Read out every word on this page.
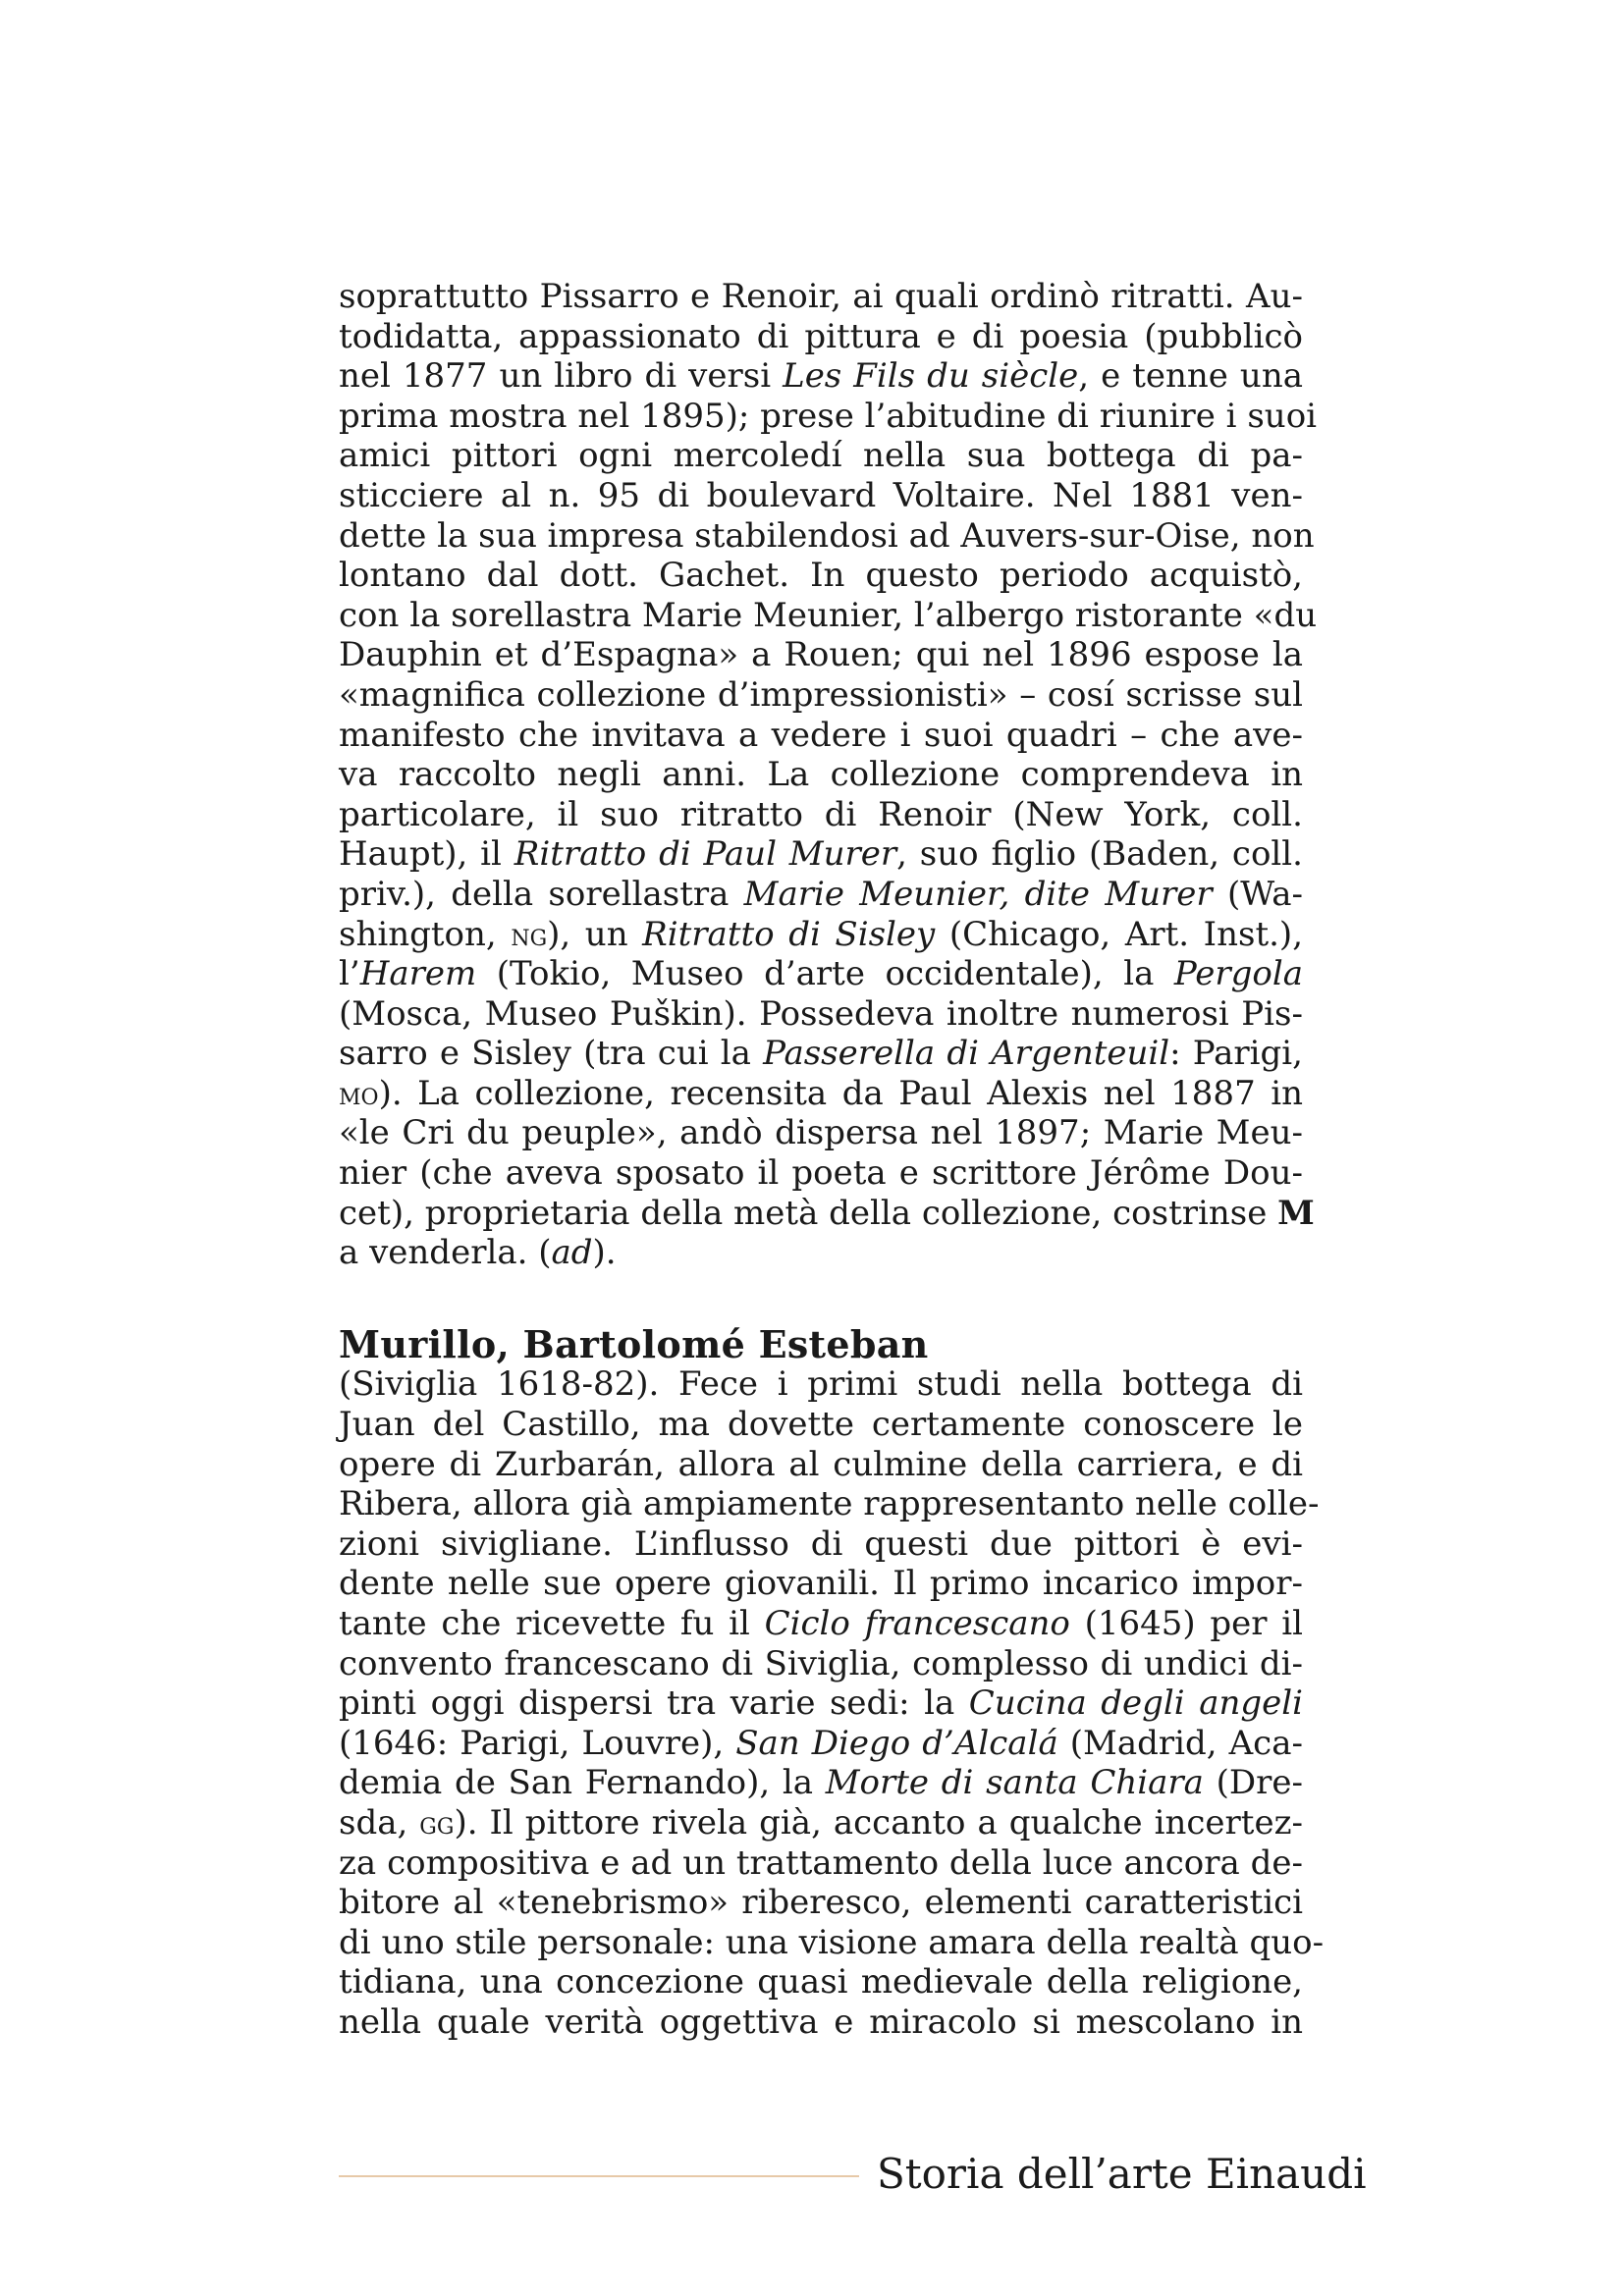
soprattutto Pissarro e Renoir, ai quali ordinò ritratti. Au-
todidatta, appassionato di pittura e di poesia (pubblicò
nel 1877 un libro di versi Les Fils du siècle, e tenne una
prima mostra nel 1895); prese l’abitudine di riunire i suoi
amici pittori ogni mercoledí nella sua bottega di pa-
sticciere al n. 95 di boulevard Voltaire. Nel 1881 ven-
dette la sua impresa stabilendosi ad Auvers-sur-Oise, non
lontano dal dott. Gachet. In questo periodo acquistò,
con la sorellastra Marie Meunier, l’albergo ristorante «du
Dauphin et d’Espagna» a Rouen; qui nel 1896 espose la
«magnifica collezione d’impressionisti» – cosí scrisse sul
manifesto che invitava a vedere i suoi quadri – che ave-
va raccolto negli anni. La collezione comprendeva in
particolare, il suo ritratto di Renoir (New York, coll.
Haupt), il Ritratto di Paul Murer, suo figlio (Baden, coll.
priv.), della sorellastra Marie Meunier, dite Murer (Wa-
shington, ng), un Ritratto di Sisley (Chicago, Art. Inst.),
l’Harem (Tokio, Museo d’arte occidentale), la Pergola
(Mosca, Museo Puškin). Possedeva inoltre numerosi Pis-
sarro e Sisley (tra cui la Passerella di Argenteuil: Parigi,
mo). La collezione, recensita da Paul Alexis nel 1887 in
«le Cri du peuple», andò dispersa nel 1897; Marie Meu-
nier (che aveva sposato il poeta e scrittore Jérôme Dou-
cet), proprietaria della metà della collezione, costrinse M
a venderla. (ad).
Murillo, Bartolomé Esteban
(Siviglia 1618-82). Fece i primi studi nella bottega di
Juan del Castillo, ma dovette certamente conoscere le
opere di Zurbarán, allora al culmine della carriera, e di
Ribera, allora già ampiamente rappresentanto nelle colle-
zioni sivigliane. L’influsso di questi due pittori è evi-
dente nelle sue opere giovanili. Il primo incarico impor-
tante che ricevette fu il Ciclo francescano (1645) per il
convento francescano di Siviglia, complesso di undici di-
pinti oggi dispersi tra varie sedi: la Cucina degli angeli
(1646: Parigi, Louvre), San Diego d’Alcalá (Madrid, Aca-
demia de San Fernando), la Morte di santa Chiara (Dre-
sda, gg). Il pittore rivela già, accanto a qualche incertez-
za compositiva e ad un trattamento della luce ancora de-
bitore al «tenebrismo» riberesco, elementi caratteristici
di uno stile personale: una visione amara della realtà quo-
tidiana, una concezione quasi medievale della religione,
nella quale verità oggettiva e miracolo si mescolano in
Storia dell’arte Einaudi
